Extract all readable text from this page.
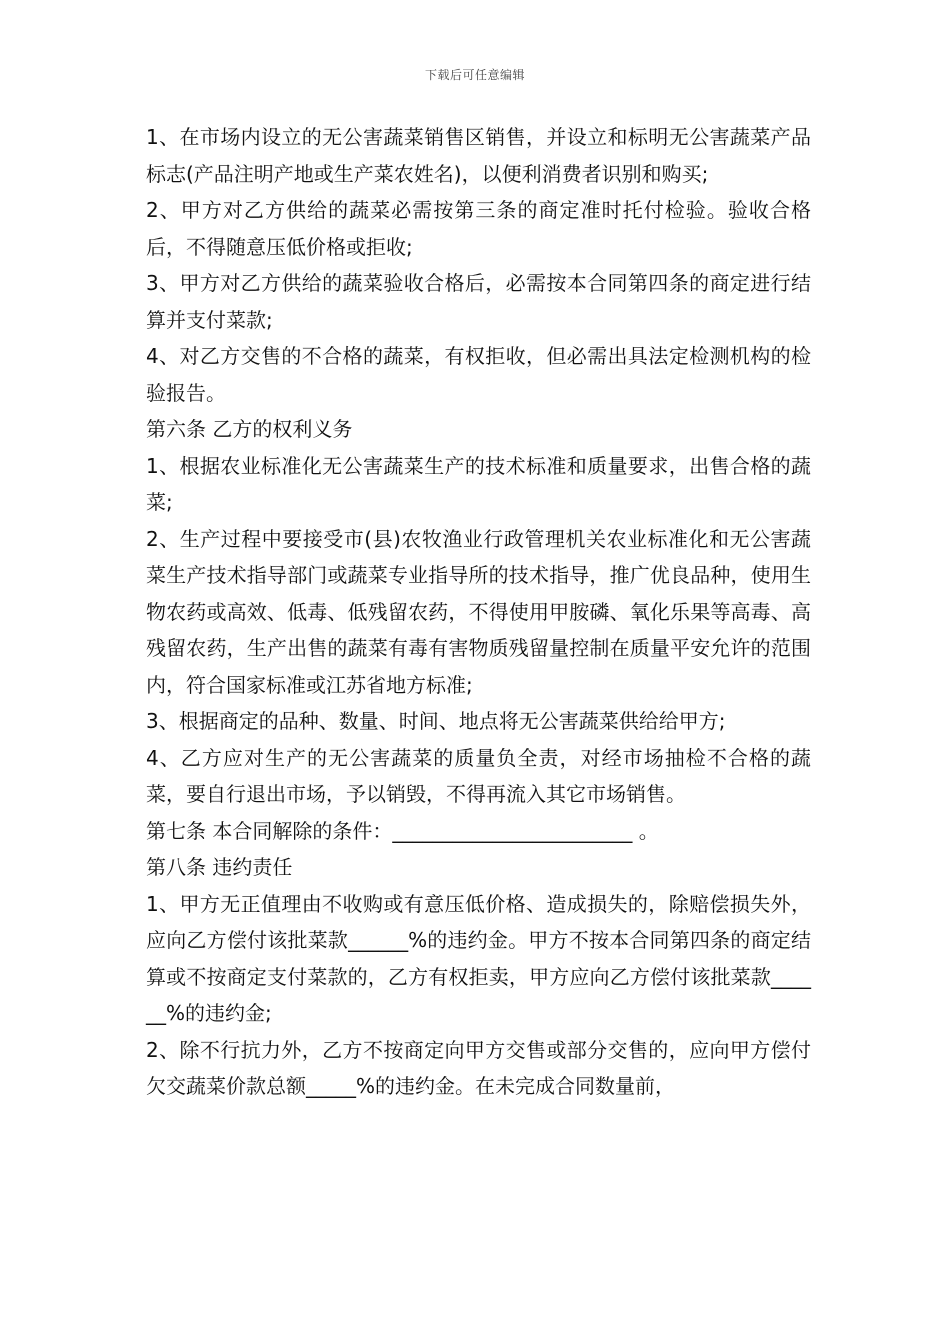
下载后可任意编辑

1、在市场内设立的无公害蔬菜销售区销售，并设立和标明无公害蔬菜产品标志(产品注明产地或生产菜农姓名)，以便利消费者识别和购买;

2、甲方对乙方供给的蔬菜必需按第三条的商定准时托付检验。验收合格后，不得随意压低价格或拒收;

3、甲方对乙方供给的蔬菜验收合格后，必需按本合同第四条的商定进行结算并支付菜款;

4、对乙方交售的不合格的蔬菜，有权拒收，但必需出具法定检测机构的检验报告。

第六条 乙方的权利义务

1、根据农业标准化无公害蔬菜生产的技术标准和质量要求，出售合格的蔬菜;

2、生产过程中要接受市(县)农牧渔业行政管理机关农业标准化和无公害蔬菜生产技术指导部门或蔬菜专业指导所的技术指导，推广优良品种，使用生物农药或高效、低毒、低残留农药，不得使用甲胺磷、氧化乐果等高毒、高残留农药，生产出售的蔬菜有毒有害物质残留量控制在质量平安允许的范围内，符合国家标准或江苏省地方标准;

3、根据商定的品种、数量、时间、地点将无公害蔬菜供给给甲方;

4、乙方应对生产的无公害蔬菜的质量负全责，对经市场抽检不合格的蔬菜，要自行退出市场，予以销毁，不得再流入其它市场销售。

第七条 本合同解除的条件：________________________ 。

第八条 违约责任

1、甲方无正值理由不收购或有意压低价格、造成损失的，除赔偿损失外，应向乙方偿付该批菜款______%的违约金。甲方不按本合同第四条的商定结算或不按商定支付菜款的，乙方有权拒卖，甲方应向乙方偿付该批菜款______%的违约金;

2、除不行抗力外，乙方不按商定向甲方交售或部分交售的，应向甲方偿付欠交蔬菜价款总额_____%的违约金。在未完成合同数量前，
